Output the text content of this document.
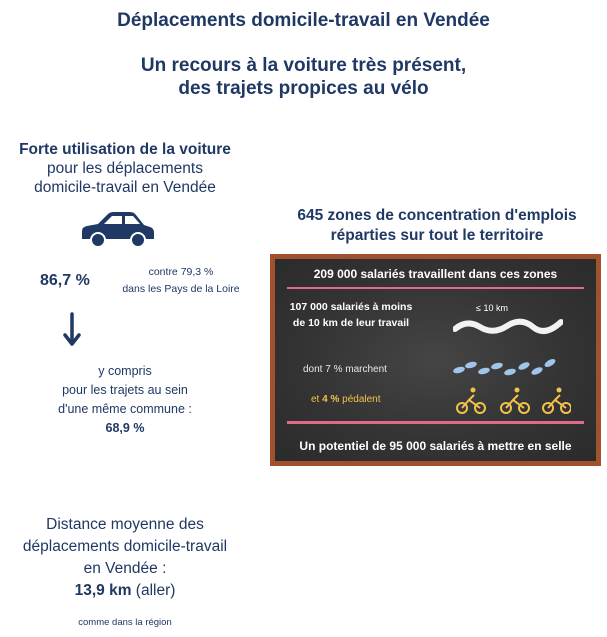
Déplacements domicile-travail en Vendée
Un recours à la voiture très présent,
des trajets propices au vélo
Forte utilisation de la voiture
pour les déplacements
domicile-travail en Vendée
86,7 %	contre 79,3 %
dans les Pays de la Loire
y compris
pour les trajets au sein
d'une même commune :
68,9 %
Distance moyenne des
déplacements domicile-travail
en Vendée :
13,9 km (aller)
comme dans la région
645 zones de concentration d'emplois
réparties sur tout le territoire
209 000 salariés travaillent dans ces zones
107 000 salariés à moins
de 10 km de leur travail
≤ 10 km
dont 7 % marchent
et 4 % pédalent
Un potentiel de 95 000 salariés à mettre en selle
